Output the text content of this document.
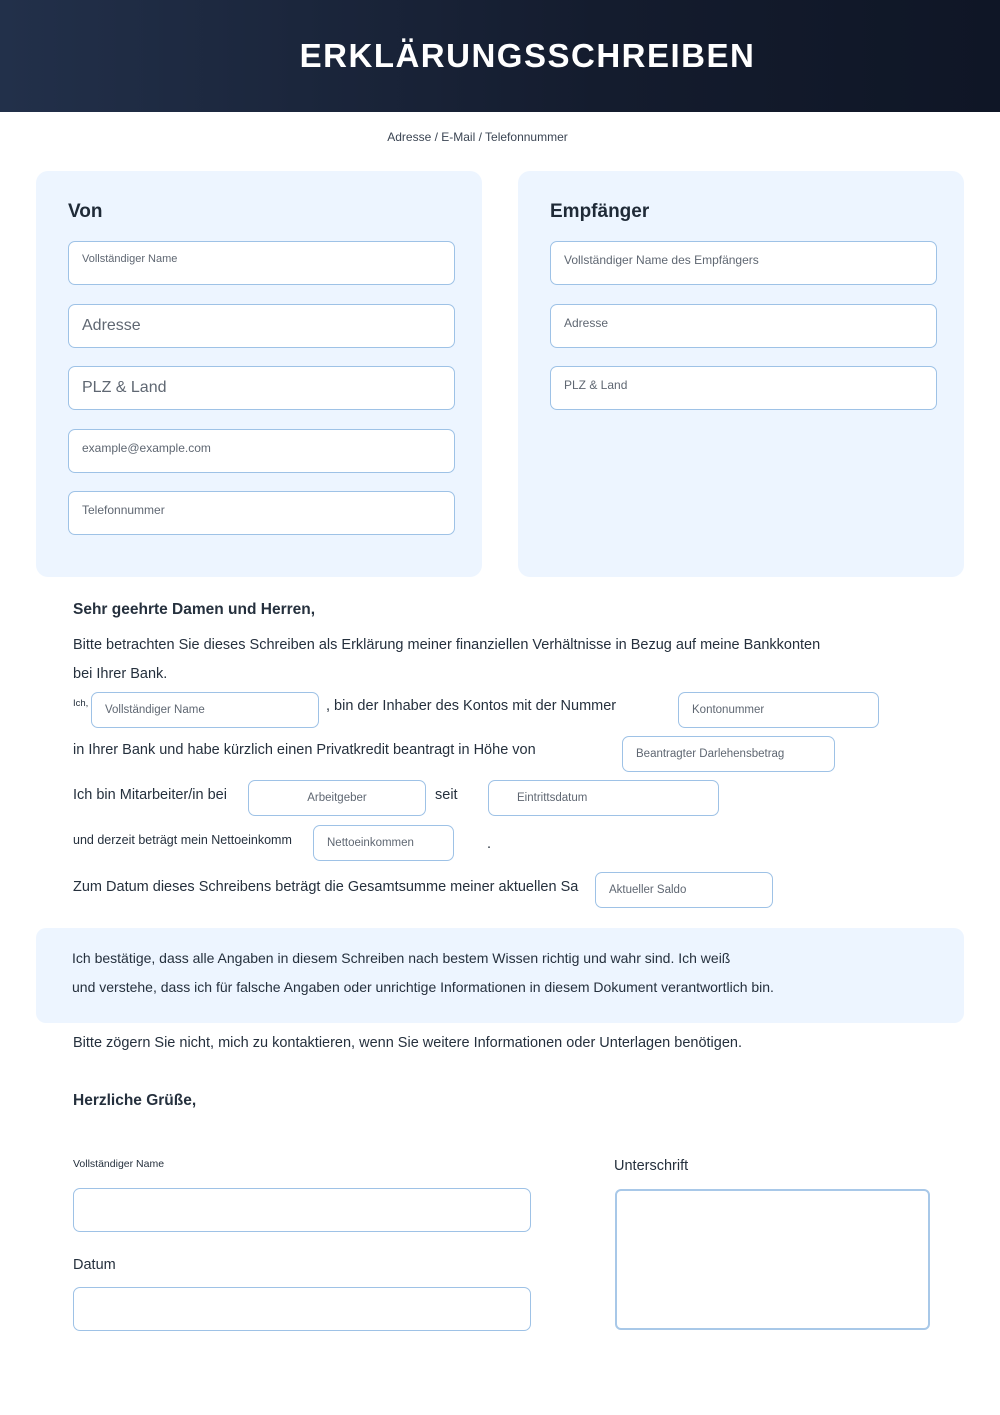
ERKLÄRUNGSSCHREIBEN
Adresse / E-Mail / Telefonnummer
Von
Vollständiger Name
Adresse
PLZ & Land
example@example.com
Telefonnummer
Empfänger
Vollständiger Name des Empfängers
Adresse
PLZ & Land
Sehr geehrte Damen und Herren,
Bitte betrachten Sie dieses Schreiben als Erklärung meiner finanziellen Verhältnisse in Bezug auf meine Bankkonten
bei Ihrer Bank.
Ich,
Vollständiger Name	, bin der Inhaber des Kontos mit der Nummer	Kontonummer
in Ihrer Bank und habe kürzlich einen Privatkredit beantragt in Höhe von	Beantragter Darlehensbetrag
Ich bin Mitarbeiter/in bei	Arbeitgeber	seit	Eintrittsdatum
und derzeit beträgt mein Nettoeinkomm	Nettoeinkommen	.
Zum Datum dieses Schreibens beträgt die Gesamtsumme meiner aktuellen Sa	Aktueller Saldo

Ich bestätige, dass alle Angaben in diesem Schreiben nach bestem Wissen richtig und wahr sind. Ich weiß

und verstehe, dass ich für falsche Angaben oder unrichtige Informationen in diesem Dokument verantwortlich bin.

Bitte zögern Sie nicht, mich zu kontaktieren, wenn Sie weitere Informationen oder Unterlagen benötigen.
Herzliche Grüße,
Vollständiger Name
Datum
Unterschrift
